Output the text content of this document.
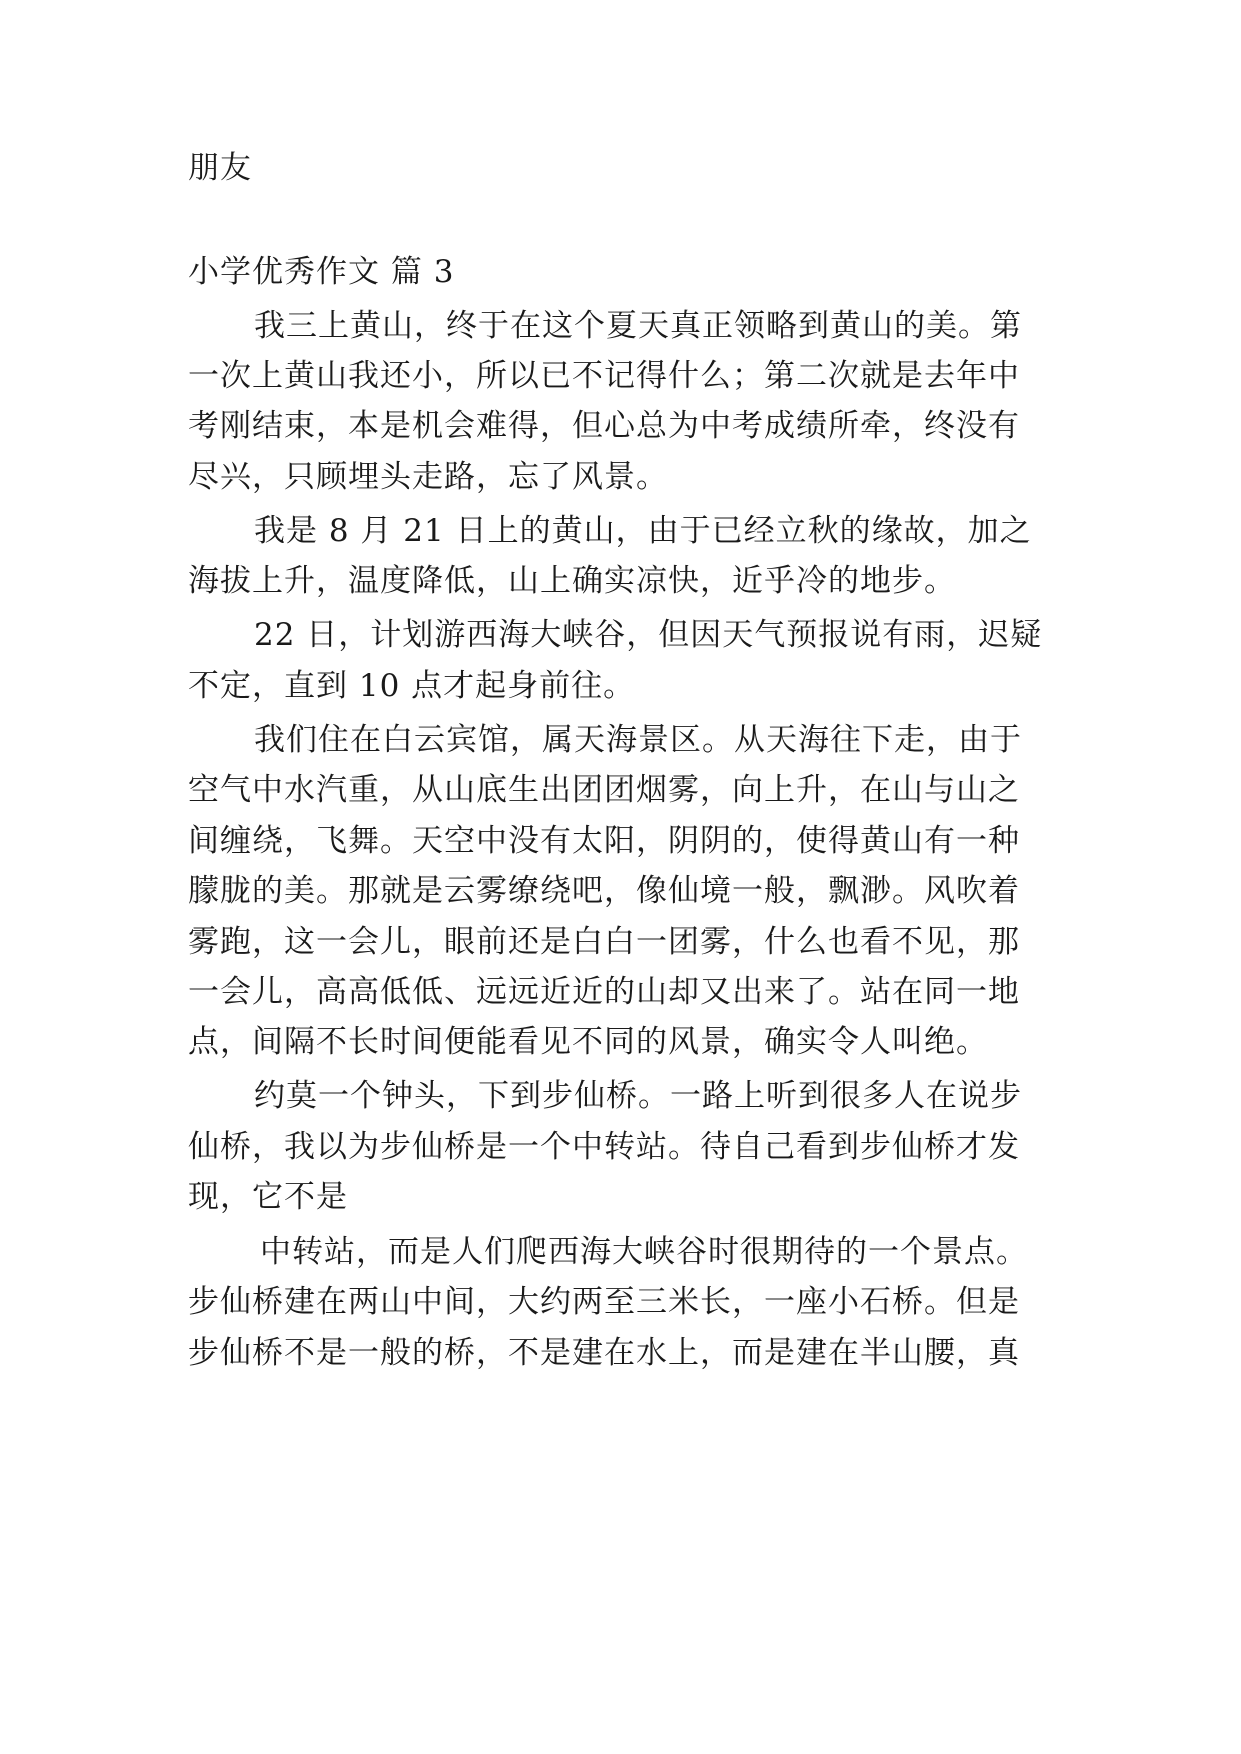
朋友
小学优秀作文 篇 3
我三上黄山，终于在这个夏天真正领略到黄山的美。第
一次上黄山我还小，所以已不记得什么；第二次就是去年中
考刚结束，本是机会难得，但心总为中考成绩所牵，终没有
尽兴，只顾埋头走路，忘了风景。
我是 8 月 21 日上的黄山，由于已经立秋的缘故，加之
海拔上升，温度降低，山上确实凉快，近乎冷的地步。
22 日，计划游西海大峡谷，但因天气预报说有雨，迟疑
不定，直到 10 点才起身前往。
我们住在白云宾馆，属天海景区。从天海往下走，由于
空气中水汽重，从山底生出团团烟雾，向上升，在山与山之
间缠绕，飞舞。天空中没有太阳，阴阴的，使得黄山有一种
朦胧的美。那就是云雾缭绕吧，像仙境一般，飘渺。风吹着
雾跑，这一会儿，眼前还是白白一团雾，什么也看不见，那
一会儿，高高低低、远远近近的山却又出来了。站在同一地
点，间隔不长时间便能看见不同的风景，确实令人叫绝。
约莫一个钟头，下到步仙桥。一路上听到很多人在说步
仙桥，我以为步仙桥是一个中转站。待自己看到步仙桥才发
现，它不是
中转站，而是人们爬西海大峡谷时很期待的一个景点。
步仙桥建在两山中间，大约两至三米长，一座小石桥。但是
步仙桥不是一般的桥，不是建在水上，而是建在半山腰，真
